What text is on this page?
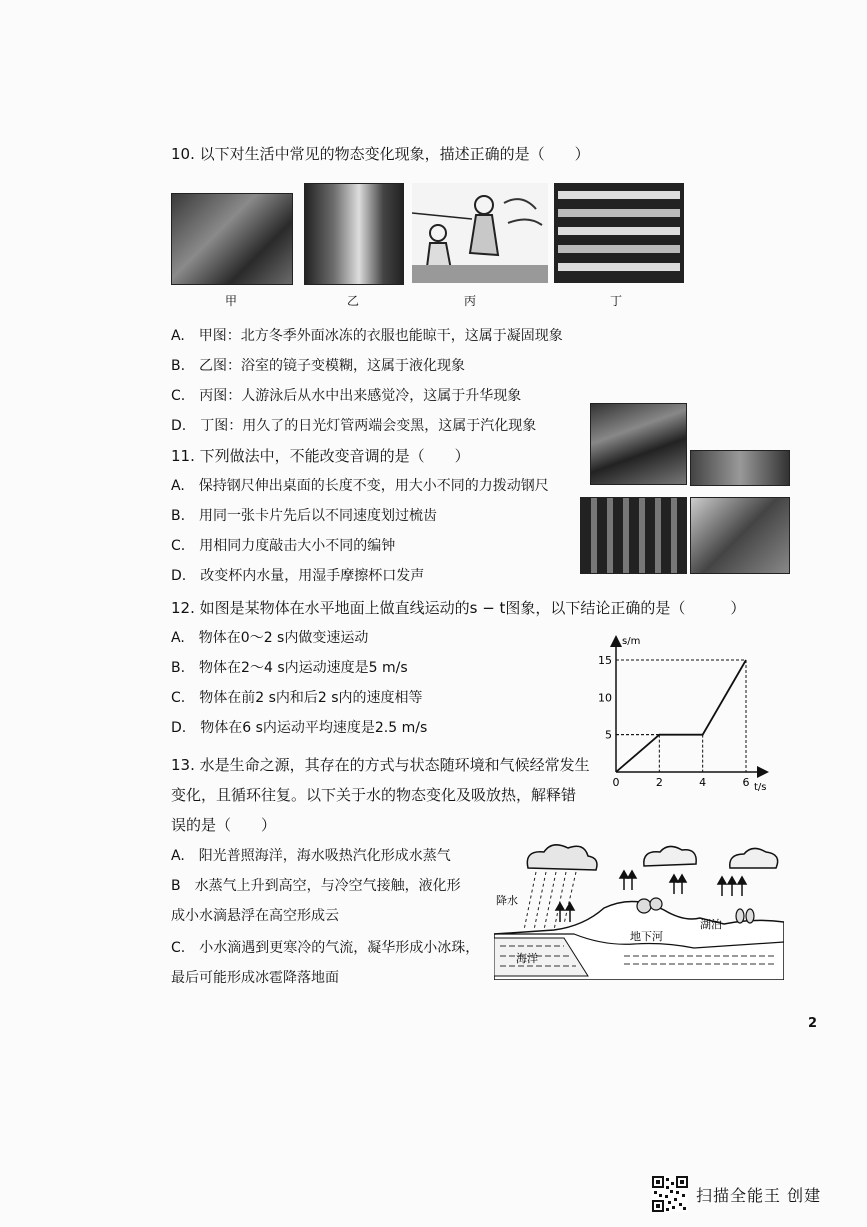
10. 以下对生活中常见的物态变化现象，描述正确的是（　　）
甲	乙	丙	丁
A.　甲图：北方冬季外面冰冻的衣服也能晾干，这属于凝固现象
B.　乙图：浴室的镜子变模糊，这属于液化现象
C.　丙图：人游泳后从水中出来感觉冷，这属于升华现象
D.　丁图：用久了的日光灯管两端会变黑，这属于汽化现象
11. 下列做法中，不能改变音调的是（　　）
A.　保持钢尺伸出桌面的长度不变，用大小不同的力拨动钢尺
B.　用同一张卡片先后以不同速度划过梳齿
C.　用相同力度敲击大小不同的编钟
D.　改变杯内水量，用湿手摩擦杯口发声
12. 如图是某物体在水平地面上做直线运动的s − t图象，以下结论正确的是（　　　）
A.　物体在0～2 s内做变速运动
B.　物体在2～4 s内运动速度是5 m/s
C.　物体在前2 s内和后2 s内的速度相等
D.　物体在6 s内运动平均速度是2.5 m/s	5
10
15
0	2	4	6
s/m
t/s
13. 水是生命之源，其存在的方式与状态随环境和气候经常发生
变化，且循环往复。以下关于水的物态变化及吸放热，解释错
误的是（　　）
A.　阳光普照海洋，海水吸热汽化形成水蒸气
B　水蒸气上升到高空，与冷空气接触，液化形
成小水滴悬浮在高空形成云
C.　小水滴遇到更寒冷的气流，凝华形成小冰珠，
最后可能形成冰雹降落地面
降水
海洋
地下河
湖泊
2
扫描全能王 创建
